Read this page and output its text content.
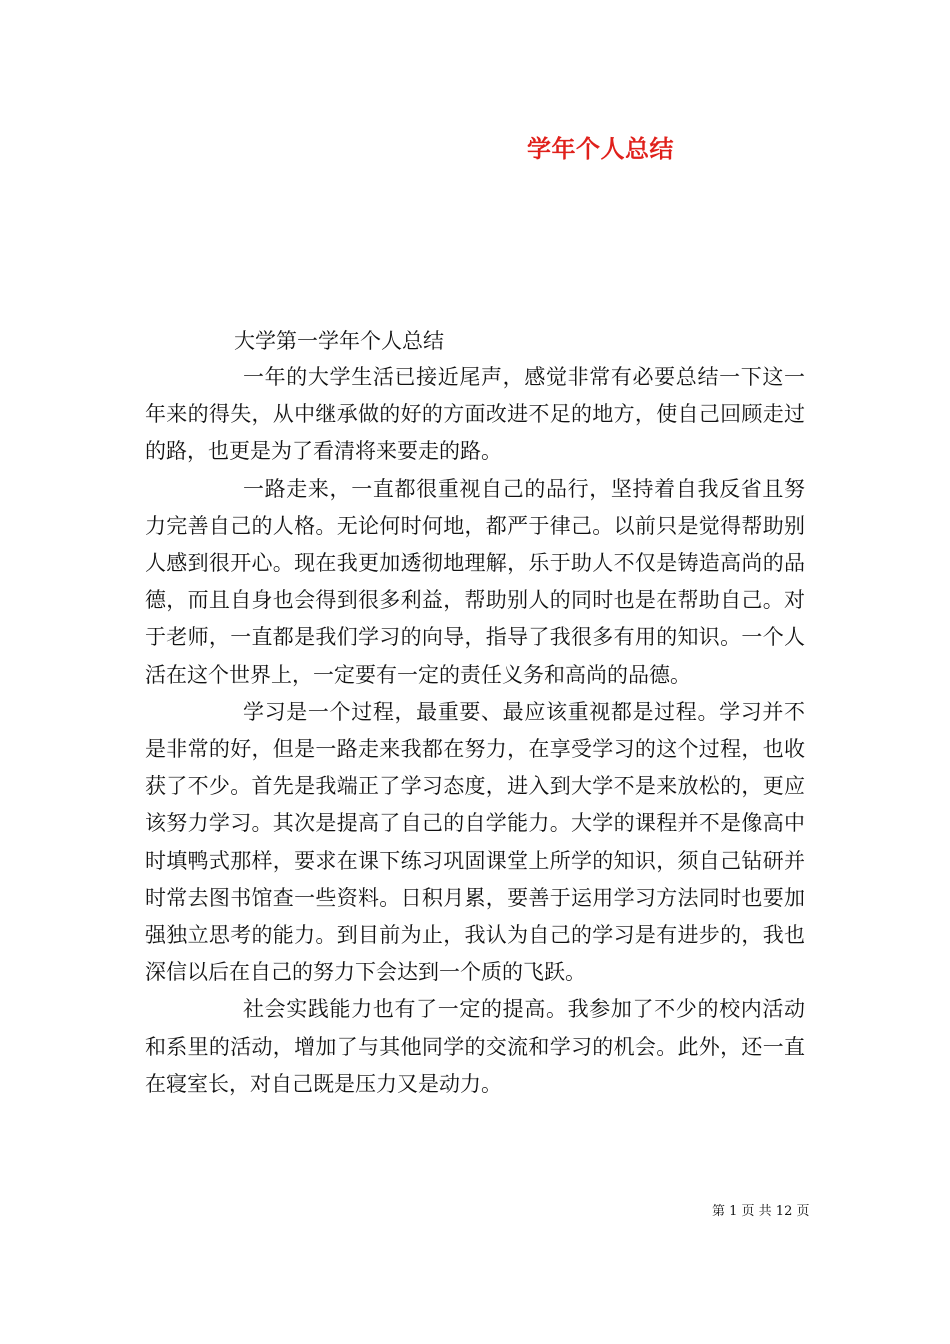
学年个人总结
大学第一学年个人总结

一年的大学生活已接近尾声，感觉非常有必要总结一下这一年来的得失，从中继承做的好的方面改进不足的地方，使自己回顾走过的路，也更是为了看清将来要走的路。

一路走来，一直都很重视自己的品行，坚持着自我反省且努力完善自己的人格。无论何时何地，都严于律己。以前只是觉得帮助别人感到很开心。现在我更加透彻地理解，乐于助人不仅是铸造高尚的品德，而且自身也会得到很多利益，帮助别人的同时也是在帮助自己。对于老师，一直都是我们学习的向导，指导了我很多有用的知识。一个人活在这个世界上，一定要有一定的责任义务和高尚的品德。

学习是一个过程，最重要、最应该重视都是过程。学习并不是非常的好，但是一路走来我都在努力，在享受学习的这个过程，也收获了不少。首先是我端正了学习态度，进入到大学不是来放松的，更应该努力学习。其次是提高了自己的自学能力。大学的课程并不是像高中时填鸭式那样，要求在课下练习巩固课堂上所学的知识，须自己钻研并时常去图书馆查一些资料。日积月累，要善于运用学习方法同时也要加强独立思考的能力。到目前为止，我认为自己的学习是有进步的，我也深信以后在自己的努力下会达到一个质的飞跃。

社会实践能力也有了一定的提高。我参加了不少的校内活动和系里的活动，增加了与其他同学的交流和学习的机会。此外，还一直在寝室长，对自己既是压力又是动力。

第 1 页 共 12 页
